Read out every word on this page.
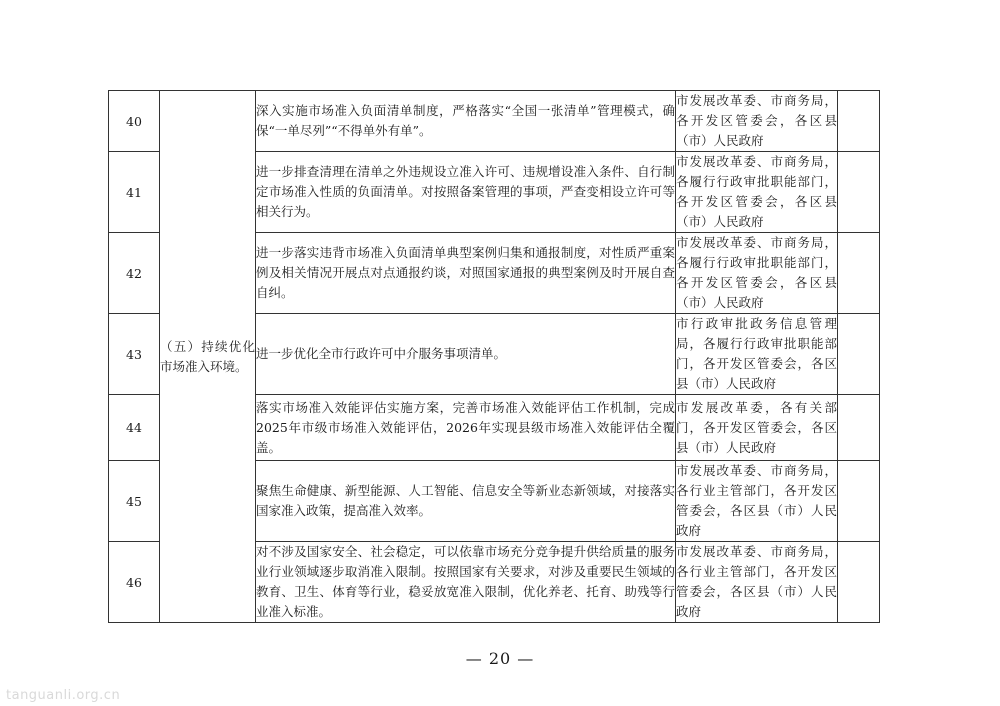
40	（五）持续优化市场准入环境。	深入实施市场准入负面清单制度，严格落实“全国一张清单”管理模式，确保“一单尽列”“不得单外有单”。	市发展改革委、市商务局，各开发区管委会，各区县（市）人民政府	
41		进一步排查清理在清单之外违规设立准入许可、违规增设准入条件、自行制定市场准入性质的负面清单。对按照备案管理的事项，严查变相设立许可等相关行为。	市发展改革委、市商务局，各履行行政审批职能部门，各开发区管委会，各区县（市）人民政府	
42		进一步落实违背市场准入负面清单典型案例归集和通报制度，对性质严重案例及相关情况开展点对点通报约谈，对照国家通报的典型案例及时开展自查自纠。	市发展改革委、市商务局，各履行行政审批职能部门，各开发区管委会，各区县（市）人民政府	
43		进一步优化全市行政许可中介服务事项清单。	市行政审批政务信息管理局，各履行行政审批职能部门，各开发区管委会，各区县（市）人民政府	
44		落实市场准入效能评估实施方案，完善市场准入效能评估工作机制，完成2025年市级市场准入效能评估，2026年实现县级市场准入效能评估全覆盖。	市发展改革委，各有关部门，各开发区管委会，各区县（市）人民政府	
45		聚焦生命健康、新型能源、人工智能、信息安全等新业态新领域，对接落实国家准入政策，提高准入效率。	市发展改革委、市商务局，各行业主管部门，各开发区管委会，各区县（市）人民政府	
46		对不涉及国家安全、社会稳定，可以依靠市场充分竞争提升供给质量的服务业行业领域逐步取消准入限制。按照国家有关要求，对涉及重要民生领域的教育、卫生、体育等行业，稳妥放宽准入限制，优化养老、托育、助残等行业准入标准。	市发展改革委、市商务局，各行业主管部门，各开发区管委会，各区县（市）人民政府	
— 20 —
tanguanli.org.cn
